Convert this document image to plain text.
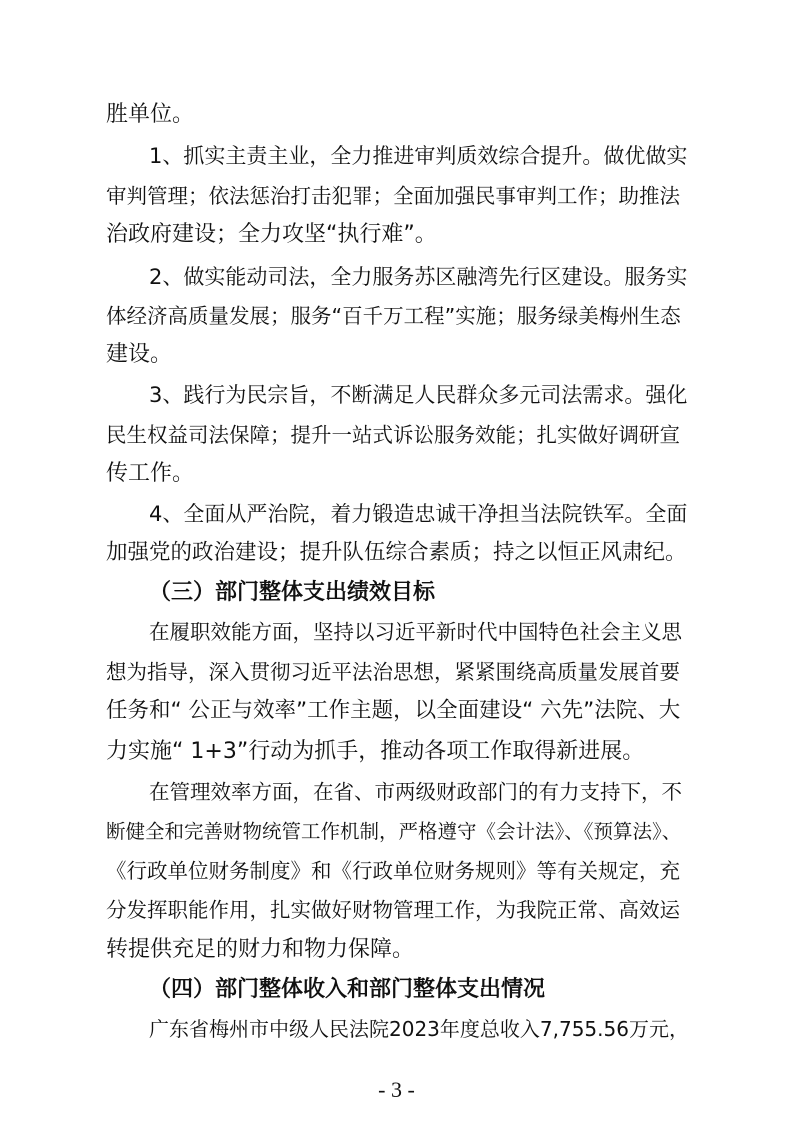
胜单位。

1、抓实主责主业，全力推进审判质效综合提升。做优做实

审判管理；依法惩治打击犯罪；全面加强民事审判工作；助推法

治政府建设；全力攻坚“执行难”。

2、做实能动司法，全力服务苏区融湾先行区建设。服务实

体经济高质量发展；服务“百千万工程”实施；服务绿美梅州生态

建设。

3、践行为民宗旨，不断满足人民群众多元司法需求。强化

民生权益司法保障；提升一站式诉讼服务效能；扎实做好调研宣

传工作。

4、全面从严治院，着力锻造忠诚干净担当法院铁军。全面

加强党的政治建设；提升队伍综合素质；持之以恒正风肃纪。

（三）部门整体支出绩效目标

在履职效能方面，坚持以习近平新时代中国特色社会主义思

想为指导，深入贯彻习近平法治思想，紧紧围绕高质量发展首要

任务和“ 公正与效率”工作主题，以全面建设“ 六先”法院、大

力实施“ 1+3”行动为抓手，推动各项工作取得新进展。

在管理效率方面，在省、市两级财政部门的有力支持下，不

断健全和完善财物统管工作机制，严格遵守《会计法》、《预算法》、

《行政单位财务制度》和《行政单位财务规则》等有关规定，充

分发挥职能作用，扎实做好财物管理工作，为我院正常、高效运

转提供充足的财力和物力保障。

（四）部门整体收入和部门整体支出情况

广东省梅州市中级人民法院2023年度总收入7,755.56万元，

- 3 -
